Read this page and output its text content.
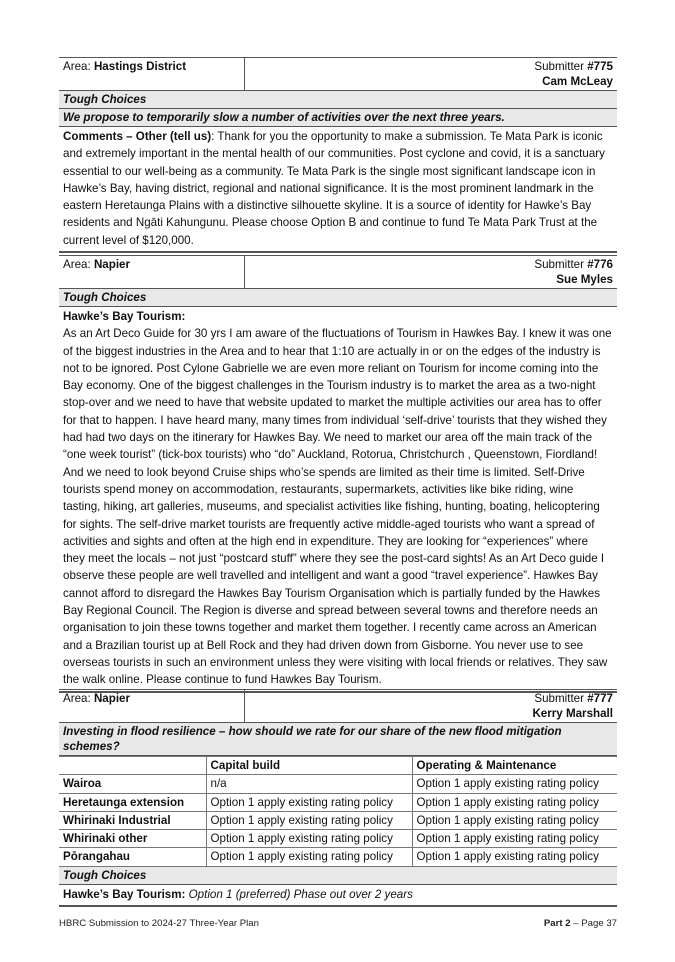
Area: Hastings District	Submitter #775
Cam McLeay
Tough Choices
We propose to temporarily slow a number of activities over the next three years.
Comments – Other (tell us): Thank for you the opportunity to make a submission. Te Mata Park is iconic and extremely important in the mental health of our communities. Post cyclone and covid, it is a sanctuary essential to our well-being as a community. Te Mata Park is the single most significant landscape icon in Hawke’s Bay, having district, regional and national significance. It is the most prominent landmark in the eastern Heretaunga Plains with a distinctive silhouette skyline. It is a source of identity for Hawke’s Bay residents and Ngāti Kahungunu. Please choose Option B and continue to fund Te Mata Park Trust at the current level of $120,000.
Area: Napier	Submitter #776
Sue Myles
Tough Choices
Hawke’s Bay Tourism:
As an Art Deco Guide for 30 yrs I am aware of the fluctuations of Tourism in Hawkes Bay. I knew it was one of the biggest industries in the Area and to hear that 1:10 are actually in or on the edges of the industry is not to be ignored. Post Cylone Gabrielle we are even more reliant on Tourism for income coming into the Bay economy. One of the biggest challenges in the Tourism industry is to market the area as a two-night stop-over and we need to have that website updated to market the multiple activities our area has to offer for that to happen. I have heard many, many times from individual ‘self-drive’ tourists that they wished they had had two days on the itinerary for Hawkes Bay. We need to market our area off the main track of the “one week tourist” (tick-box tourists) who “do” Auckland, Rotorua, Christchurch , Queenstown, Fiordland! And we need to look beyond Cruise ships who’se spends are limited as their time is limited. Self-Drive tourists spend money on accommodation, restaurants, supermarkets, activities like bike riding, wine tasting, hiking, art galleries, museums, and specialist activities like fishing, hunting, boating, helicoptering for sights. The self-drive market tourists are frequently active middle-aged tourists who want a spread of activities and sights and often at the high end in expenditure. They are looking for “experiences” where they meet the locals – not just “postcard stuff” where they see the post-card sights! As an Art Deco guide I observe these people are well travelled and intelligent and want a good “travel experience”. Hawkes Bay cannot afford to disregard the Hawkes Bay Tourism Organisation which is partially funded by the Hawkes Bay Regional Council. The Region is diverse and spread between several towns and therefore needs an organisation to join these towns together and market them together. I recently came across an American and a Brazilian tourist up at Bell Rock and they had driven down from Gisborne. You never use to see overseas tourists in such an environment unless they were visiting with local friends or relatives. They saw the walk online. Please continue to fund Hawkes Bay Tourism.
Area: Napier	Submitter #777
Kerry Marshall
Investing in flood resilience – how should we rate for our share of the new flood mitigation schemes?
	Capital build	Operating & Maintenance
Wairoa	n/a	Option 1 apply existing rating policy
Heretaunga extension	Option 1 apply existing rating policy	Option 1 apply existing rating policy
Whirinaki Industrial	Option 1 apply existing rating policy	Option 1 apply existing rating policy
Whirinaki other	Option 1 apply existing rating policy	Option 1 apply existing rating policy
Pōrangahau	Option 1 apply existing rating policy	Option 1 apply existing rating policy
Tough Choices
Hawke’s Bay Tourism: Option 1 (preferred) Phase out over 2 years
HBRC Submission to 2024-27 Three-Year Plan	Part 2 – Page 37
